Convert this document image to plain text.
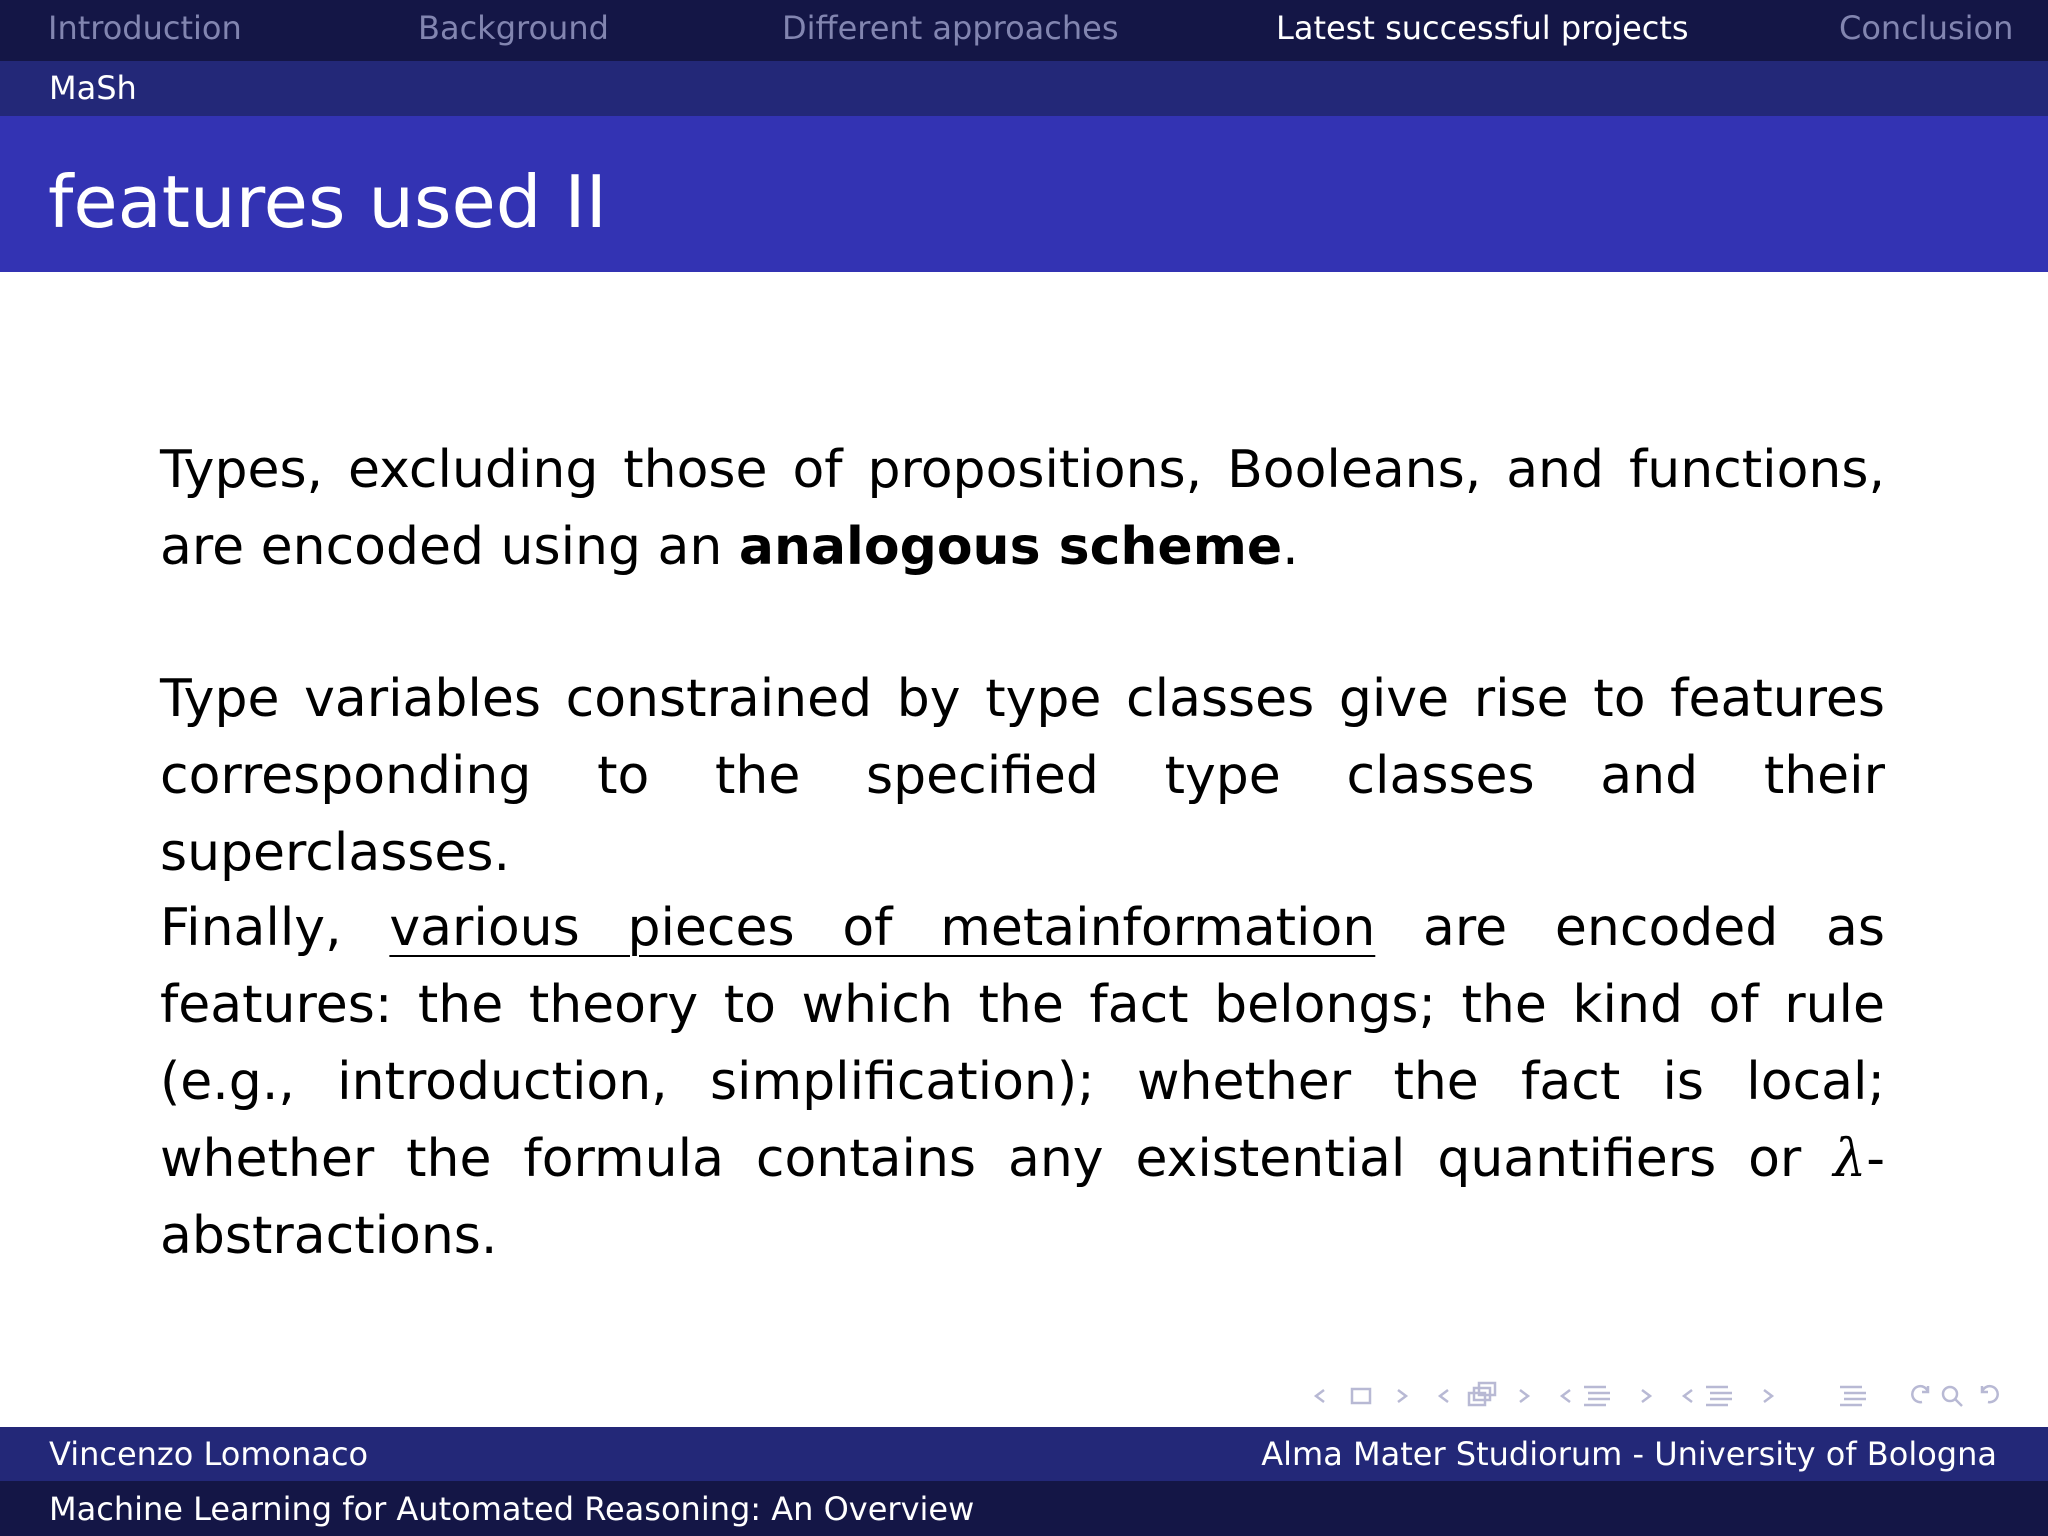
Introduction	Background	Different approaches	Latest successful projects	Conclusion
MaSh
features used II

Types, excluding those of propositions, Booleans, and functions, are encoded using an analogous scheme.

Type variables constrained by type classes give rise to features corresponding to the specified type classes and their superclasses.

Finally, various pieces of metainformation are encoded as features: the theory to which the fact belongs; the kind of rule (e.g., introduction, simplification); whether the fact is local; whether the formula contains any existential quantifiers or λ-abstractions.

Vincenzo Lomonaco	Alma Mater Studiorum - University of Bologna
Machine Learning for Automated Reasoning: An Overview
